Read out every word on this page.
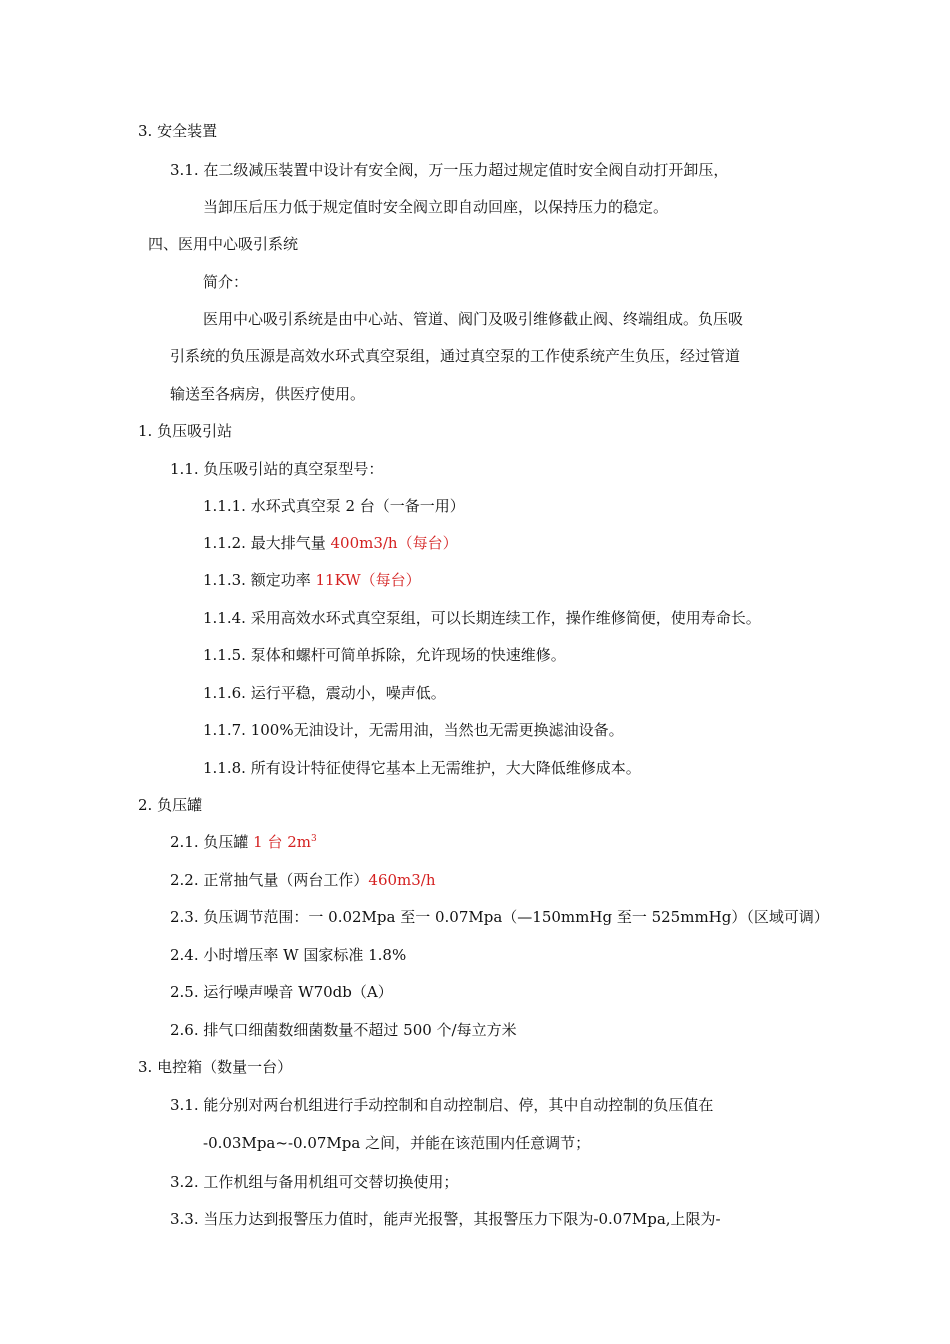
3. 安全装置
3.1. 在二级减压装置中设计有安全阀，万一压力超过规定值时安全阀自动打开卸压，
当卸压后压力低于规定值时安全阀立即自动回座，以保持压力的稳定。
四、医用中心吸引系统
简介：
医用中心吸引系统是由中心站、管道、阀门及吸引维修截止阀、终端组成。负压吸
引系统的负压源是高效水环式真空泵组，通过真空泵的工作使系统产生负压，经过管道
输送至各病房，供医疗使用。
1. 负压吸引站
1.1. 负压吸引站的真空泵型号：
1.1.1. 水环式真空泵 2 台（一备一用）
1.1.2. 最大排气量 400m3/h（每台）
1.1.3. 额定功率 11KW（每台）
1.1.4. 采用高效水环式真空泵组，可以长期连续工作，操作维修简便，使用寿命长。
1.1.5. 泵体和螺杆可简单拆除，允许现场的快速维修。
1.1.6. 运行平稳，震动小，噪声低。
1.1.7. 100%无油设计，无需用油，当然也无需更换滤油设备。
1.1.8. 所有设计特征使得它基本上无需维护，大大降低维修成本。
2. 负压罐
2.1. 负压罐 1 台 $2m^3$
2.2. 正常抽气量（两台工作）460m3/h
2.3. 负压调节范围：一 0.02Mpa 至一 0.07Mpa（—150mmHg 至一 525mmHg）（区域可调）
2.4. 小时增压率 W 国家标准 1.8%
2.5. 运行噪声噪音 W70db（A）
2.6. 排气口细菌数细菌数量不超过 500 个/每立方米
3. 电控箱（数量一台）
3.1. 能分别对两台机组进行手动控制和自动控制启、停，其中自动控制的负压值在
-0.03Mpa~-0.07Mpa 之间，并能在该范围内任意调节；
3.2. 工作机组与备用机组可交替切换使用；
3.3. 当压力达到报警压力值时，能声光报警，其报警压力下限为-0.07Mpa,上限为-
